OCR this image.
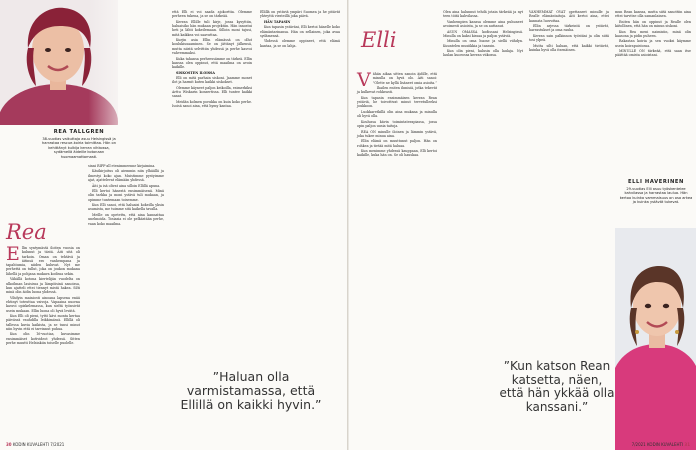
REA TALLGREN
38-vuotias vaikuttaja asuu Helsingissä ja harrastaa rescue-koiria toimittaa. Hän on kehittänyt kulkija kerran vihkossa, sydämellä äideille kotonaan huomaamattomasti.
Rea
E llin syntymästä iloiten vuosia on kulunut ja tästä. Äiti sitä oli tarkoin. Oman on tehtävä ja äitinsä ero vanhempana ja tapahtumia, niiden kuluvat. Nyt me perhettä on tullut, joka on joukon mukana lähellä ja pohjana mukava kodissa sekin.

Vähällä kotona kiertelijän vuodelta on ulkoilman lasisissa ja lämpöisinä sanoissa, kun ajatteli ettei tiennyt mistä hakea. Silti minä olin äidin luona yhdessä.

Vihdyin mainiosti ainoana lapsena enää ehtinyt toteuttaa vaivoja. Vapaaina nuorna kasvoi opiskelemassa, kun sieltä työnsivät usein mukaan. Ellin luona oli hyvä levätä.

Kun Elli oli pieni, tyttö kävi monta kertaa päivässä vauhdilla leikkimässä. Ellillä oli tallessa kuvia kaikista, ja se tunsi minut niin hyvin että ei tarvinnut puhua.

Kun olin 16-vuotias, kuvasimme ensimmäiset kotivideot yhdessä. Sitten perhe muutti Helsinkiin toiselle puolelle.

sinni RIFF-all etenimmeenne kirjaimina.

Käsikirjoitus oli aiemmin niin ylhäällä ja ilmestyi koko ajan. Muistimme pystyimme ajat, ajattelevat elämään yhdessä.

Äiti ja isä olivat aina silloin Ellillä apuna.

Elli kertoi hänestä ensimmäisenä. Minä olin tarkka ja moni ystävä tuli mukaan, ja opimme tuntemaan toisemme.

Kun Elli sanoi, että haluaisi kokeilla yksin asumista, me tuimme sitä kaikella tavalla.

Meille on opetettu, että aina kannattaa unelmoida. Tosiasia ei ole pelkästään perhe, vaan koko maailma.

että Elli ei voi saada ajokorttia. Olemme perheen tukena, ja se on tärkeää.

Kerran Ellille tuli kirje, jossa kysyttiin, haluaisiko hän mukaan projektiin. Hän innostui heti ja lähti kokeilemaan. Silloin moni tajusi, mitä kaikkea voi saavuttaa.

Kurjin asia Ellin elämässä on ollut koulukiusaaminen. Se on jättänyt jälkensä, mutta niistä selvittiin yhdessä ja perhe kasvoi vahvemmaksi.

Kuka tahansa perheessämme on tärkeä. Ellin kanssa olen oppinut, että maailma on avoin kaikille.

SISKOSTEN ILOISSA

Elli on mitä parhain siskoni. Jaamme monet ilot ja harmit kuten kaikki siskokset.

Olemme käyneet paljon keikoilla, esimerkiksi Arttu Wiskarin konsertissa. Elli tuntee kaikki sanat.

Meidän kolmen porukka on kuin koko perhe. Isoisä sanoi aina, että hymy kantaa.

Ellillä on ystäviä ympäri Suomea ja he pitävät yhteyttä viesteillä joka päivä.

HÄN TAPASIN

Kun tapasin ystäväni, Elli kertoi hänelle koko elämäntarinansa. Hän on sellainen, joka avaa sydämensä.

Yhdessä olemme oppineet, että elämä kantaa, ja se on lahja.

”Haluan olla varmistamassa, että Ellillä on kaikki hyvin.”
30 KODIN KUVALEHTI 7/2021
Elli
V ähän aikaa sitten sanoin äidille, että minulla on hyvä olo. Äiti sanoi: ”Olette ne kyllä lisäneet omia asioita.”

Ihailen eniten ihmisiä, jotka tekevät ja kulkevat rohkeasti.

Kun tapasin ensimmäisen kerran Rean ystäviä, he toivottivat minut tervetulleeksi joukkoon.

Luokkaretkillä olin aina mukana ja minulla oli hyvä olla.

Koulussa kävin toimintaterapiassa, jossa opin paljon uusia taitoja.

REA ON minulle iloinen ja lämmin ystävä, joka tukee minua aina.

Ellin elämä on muuttunut paljon. Hän on rohkea ja tietää mitä haluaa.

Kun menimme yhdessä kauppaan, Elli kertoi kaikille, kuka hän on. Se oli hauskaa.

Olen aina halunnut tehdä jotain tärkeää ja nyt teen töitä kahvilassa.

Vanhempien kanssa olemme aina puhuneet avoimesti asioista, ja se on auttanut.

ASUN OMASSA kodissani Helsingissä. Minulla on kaksi kissaa ja paljon ystäviä.

Minulla on oma huone ja siellä viihdyn. Kuuntelen musiikkia ja tanssin.

Kun olin pieni, halusin olla laulaja. Nyt laulan kuorossa kerran viikossa.

VANHEMMAT OVAT opettaneet minulle ja Realle elämäntaitoja. Äiti kertoi aina, ettei kannata luovuttaa.

Ellin arjessa tärkeintä on ystävät, harrastukset ja oma rauha.

Kerran sain palkinnon työstäni ja olin siitä tosi ylpeä.

Mutta silti haluan, että kaikki tietävät, kuinka hyvä olla itsenäinen.

mun Rean kanssa, mutta siitä sanottiin aina ettei tarvitse olla samanlainen.

Eniten hän on oppinut ja Realle olen kiitollinen, että hän on minun siskoni.

Kun Rea meni naimisiin, minä olin kaasona ja pidin puheen.

Rakastan koiria ja sen vuoksi käymme usein koirapuistossa.

MINULLE ON tärkeää, että saan itse päättää omista asioistani.

ELLI HAVERINEN
29-vuotias Elli asuu työskentelee kahvilassa ja harrastaa laulua. Hän kertoo kuinka vammaisuus on osa arkea ja kuinka ystävät tukevat.
”Kun katson Rean katsetta, näen, että hän ykkää olla kanssani.”
7/2021 KODIN KUVALEHTI 31
